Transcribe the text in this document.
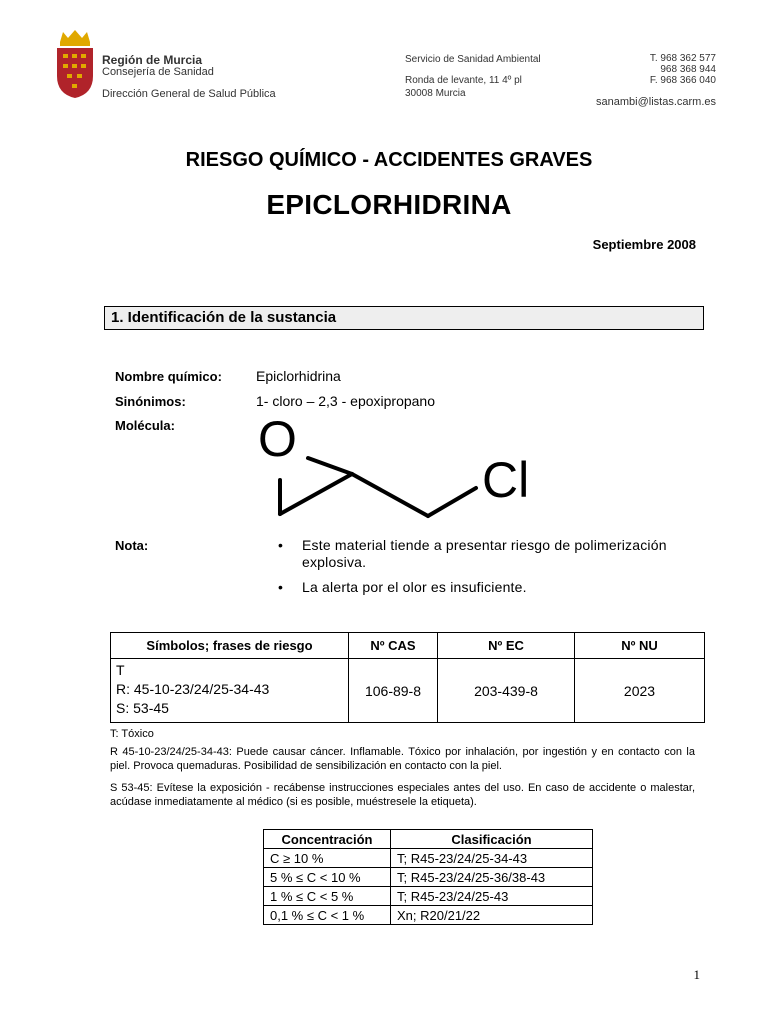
Región de Murcia
Consejería de Sanidad
Dirección General de Salud Pública
Servicio de Sanidad Ambiental
Ronda de levante, 11 4º pl
30008 Murcia
T. 968 362 577
968 368 944
F. 968 366 040
sanambi@listas.carm.es
RIESGO QUÍMICO - ACCIDENTES GRAVES
EPICLORHIDRINA
Septiembre 2008
1. Identificación de la sustancia
Nombre químico: Epiclorhidrina
Sinónimos:	1- cloro – 2,3 - epoxipropano
Molécula: O
Cl
Nota:	• Este material tiende a presentar riesgo de polimerización explosiva.
• La alerta por el olor es insuficiente.
Símbolos; frases de riesgo	Nº CAS	Nº EC	Nº NU

T
R: 45-10-23/24/25-34-43
S: 53-45	106-89-8	203-439-8	2023
T: Tóxico
R 45-10-23/24/25-34-43: Puede causar cáncer. Inflamable. Tóxico por inhalación, por ingestión y en contacto con la piel. Provoca quemaduras. Posibilidad de sensibilización en contacto con la piel.
S 53-45: Evítese la exposición - recábense instrucciones especiales antes del uso. En caso de accidente o malestar, acúdase inmediatamente al médico (si es posible, muéstresele la etiqueta).
Concentración	Clasificación
C ≥ 10 %	T; R45-23/24/25-34-43
5 % ≤ C < 10 %	T; R45-23/24/25-36/38-43
1 % ≤ C < 5 %	T; R45-23/24/25-43
0,1 % ≤ C < 1 %	Xn; R20/21/22
1
